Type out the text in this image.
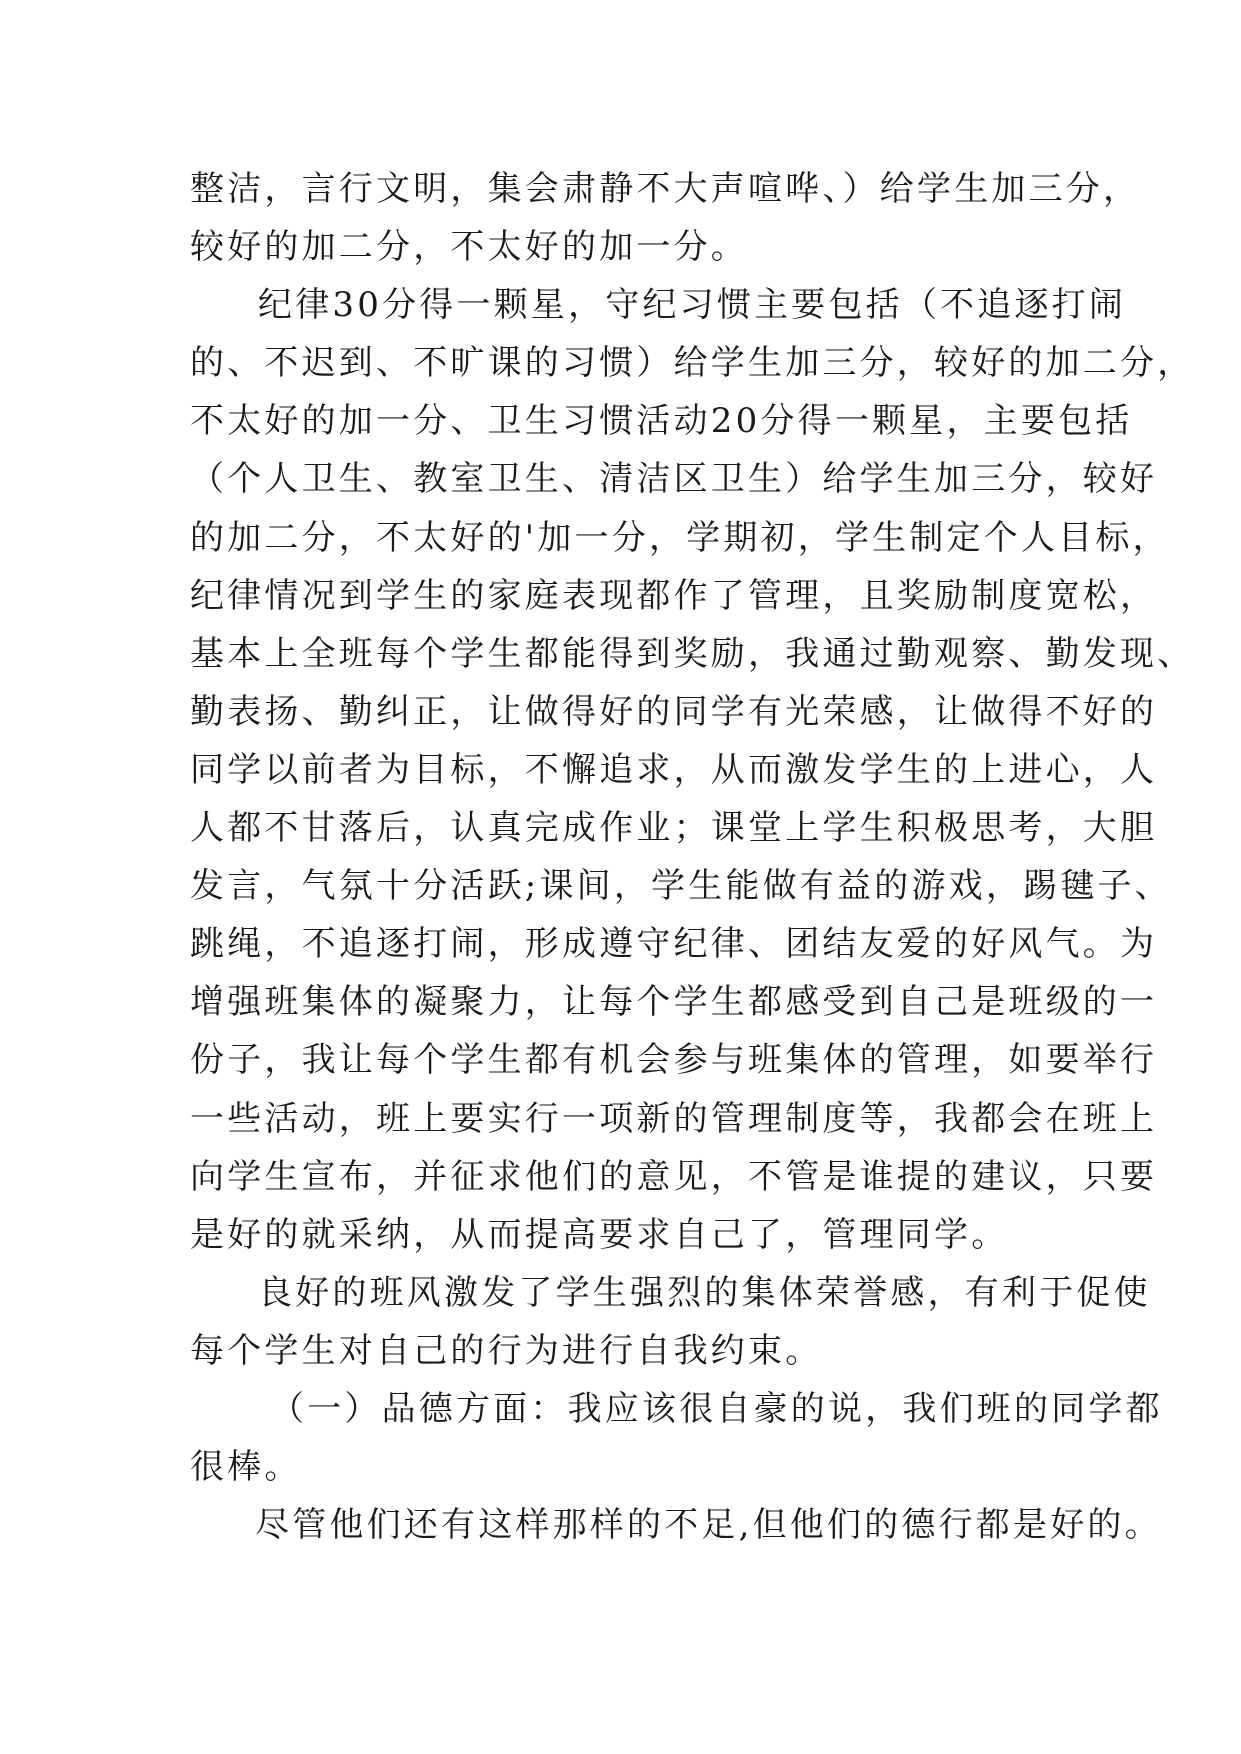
整洁，言行文明，集会肃静不大声喧哗、）给学生加三分，
较好的加二分，不太好的加一分。
纪律30分得一颗星，守纪习惯主要包括（不追逐打闹
的、不迟到、不旷课的习惯）给学生加三分，较好的加二分，
不太好的加一分、卫生习惯活动20分得一颗星，主要包括
（个人卫生、教室卫生、清洁区卫生）给学生加三分，较好
的加二分，不太好的'加一分，学期初，学生制定个人目标，
纪律情况到学生的家庭表现都作了管理，且奖励制度宽松，
基本上全班每个学生都能得到奖励，我通过勤观察、勤发现、
勤表扬、勤纠正，让做得好的同学有光荣感，让做得不好的
同学以前者为目标，不懈追求，从而激发学生的上进心，人
人都不甘落后，认真完成作业；课堂上学生积极思考，大胆
发言，气氛十分活跃;课间，学生能做有益的游戏，踢毽子、
跳绳，不追逐打闹，形成遵守纪律、团结友爱的好风气。为
增强班集体的凝聚力，让每个学生都感受到自己是班级的一
份子，我让每个学生都有机会参与班集体的管理，如要举行
一些活动，班上要实行一项新的管理制度等，我都会在班上
向学生宣布，并征求他们的意见，不管是谁提的建议，只要
是好的就采纳，从而提高要求自己了，管理同学。
良好的班风激发了学生强烈的集体荣誉感，有利于促使
每个学生对自己的行为进行自我约束。
（一）品德方面：我应该很自豪的说，我们班的同学都
很棒。
尽管他们还有这样那样的不足,但他们的德行都是好的。
